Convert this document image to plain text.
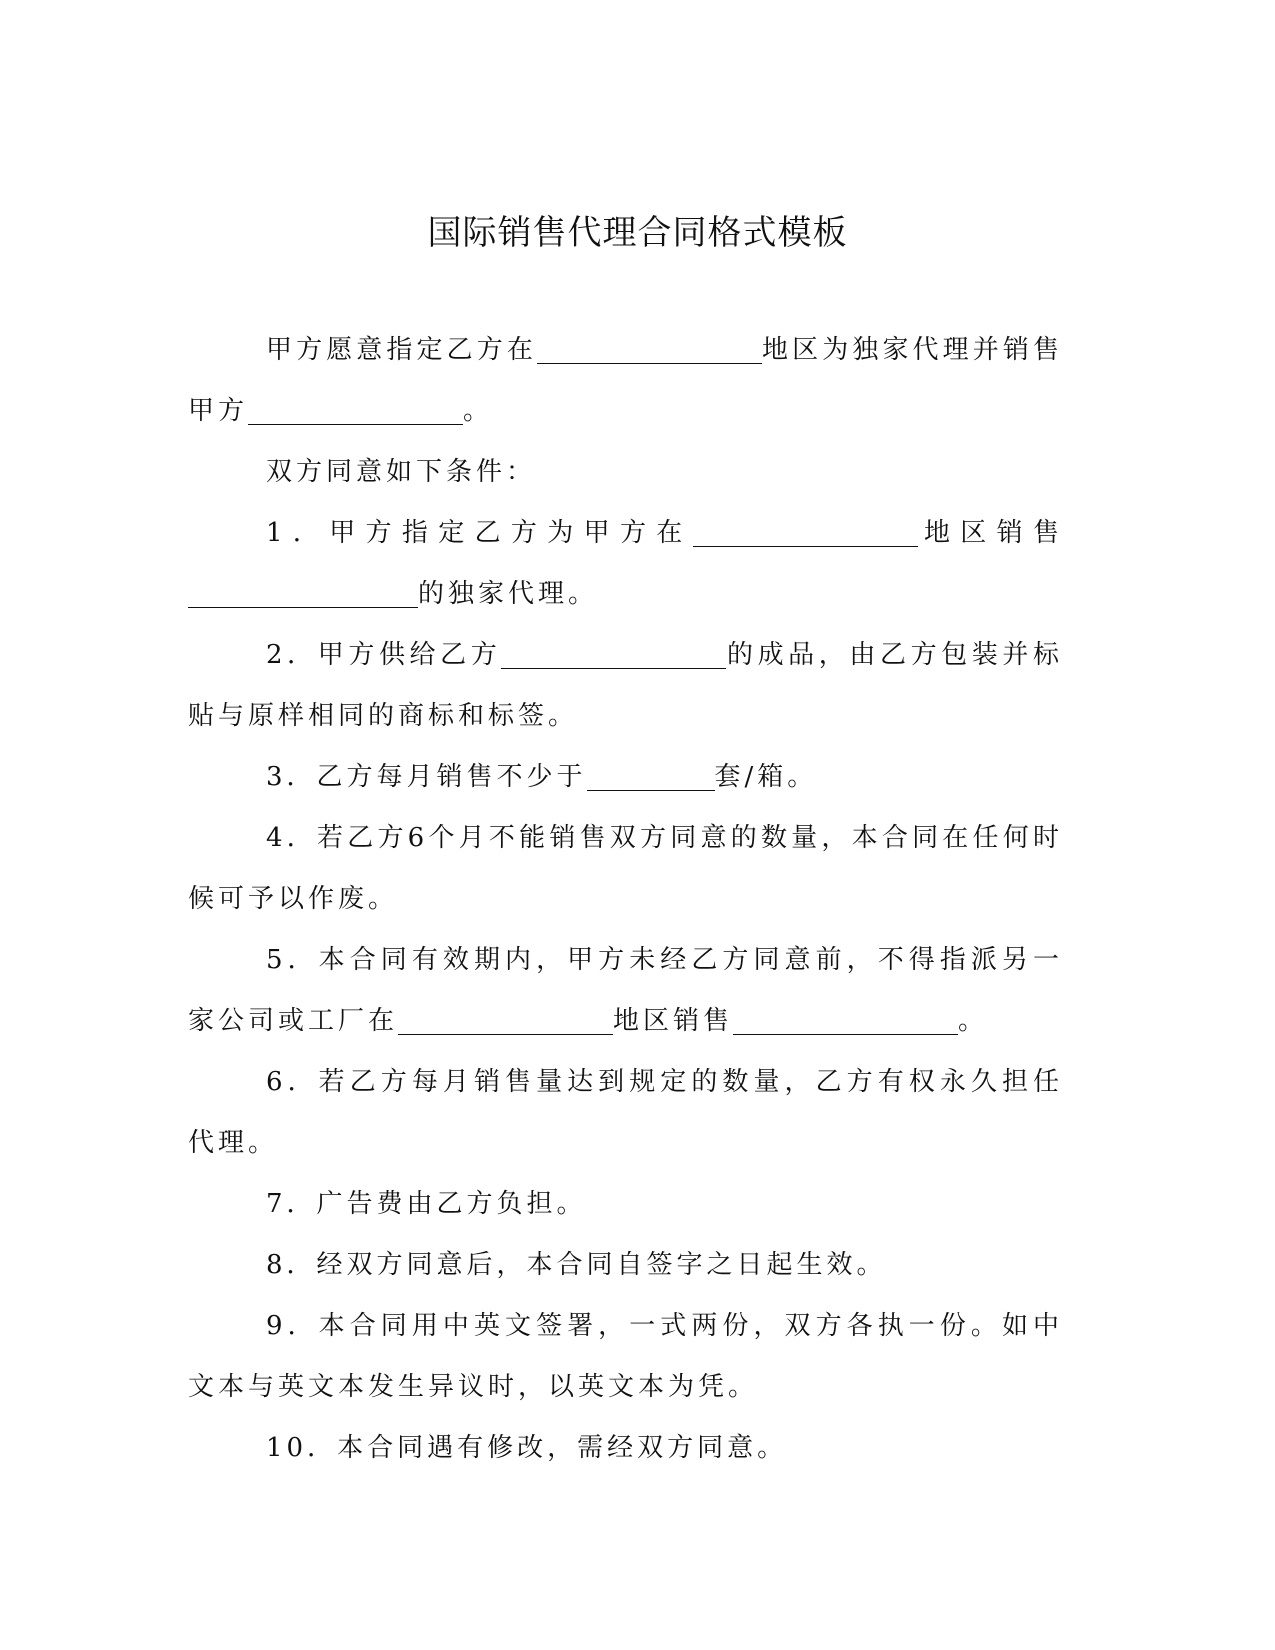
国际销售代理合同格式模板

甲方愿意指定乙方在	地区为独家代理并销售甲方	。

双方同意如下条件：

1．甲方指定乙方为甲方在	地区销售的独家代理。

2．甲方供给乙方	的成品，由乙方包装并标贴与原样相同的商标和标签。

3．乙方每月销售不少于	套/箱。

4．若乙方6个月不能销售双方同意的数量，本合同在任何时候可予以作废。

5．本合同有效期内，甲方未经乙方同意前，不得指派另一家公司或工厂在	地区销售	。

6．若乙方每月销售量达到规定的数量，乙方有权永久担任代理。

7．广告费由乙方负担。

8．经双方同意后，本合同自签字之日起生效。

9．本合同用中英文签署，一式两份，双方各执一份。如中文本与英文本发生异议时，以英文本为凭。

10．本合同遇有修改，需经双方同意。
